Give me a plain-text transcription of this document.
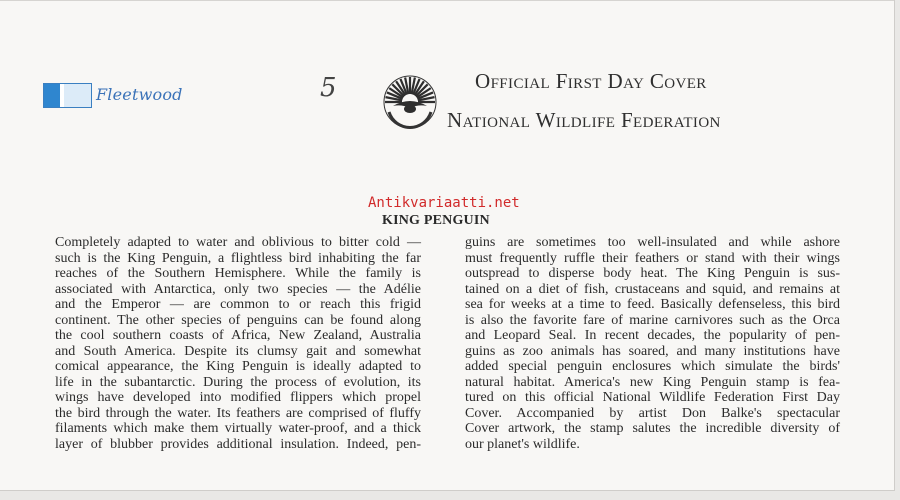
Fleetwood	5	Official First Day Cover
National Wildlife Federation
Antikvariaatti.net
KING PENGUIN
Completely adapted to water and oblivious to bitter cold —
such is the King Penguin, a flightless bird inhabiting the far
reaches of the Southern Hemisphere. While the family is
associated with Antarctica, only two species — the Adélie
and the Emperor — are common to or reach this frigid
continent. The other species of penguins can be found along
the cool southern coasts of Africa, New Zealand, Australia
and South America. Despite its clumsy gait and somewhat
comical appearance, the King Penguin is ideally adapted to
life in the subantarctic. During the process of evolution, its
wings have developed into modified flippers which propel
the bird through the water. Its feathers are comprised of fluffy
filaments which make them virtually water-proof, and a thick
layer of blubber provides additional insulation. Indeed, pen-
guins are sometimes too well-insulated and while ashore
must frequently ruffle their feathers or stand with their wings
outspread to disperse body heat. The King Penguin is sus-
tained on a diet of fish, crustaceans and squid, and remains at
sea for weeks at a time to feed. Basically defenseless, this bird
is also the favorite fare of marine carnivores such as the Orca
and Leopard Seal. In recent decades, the popularity of pen-
guins as zoo animals has soared, and many institutions have
added special penguin enclosures which simulate the birds'
natural habitat. America's new King Penguin stamp is fea-
tured on this official National Wildlife Federation First Day
Cover. Accompanied by artist Don Balke's spectacular
Cover artwork, the stamp salutes the incredible diversity of
our planet's wildlife.
